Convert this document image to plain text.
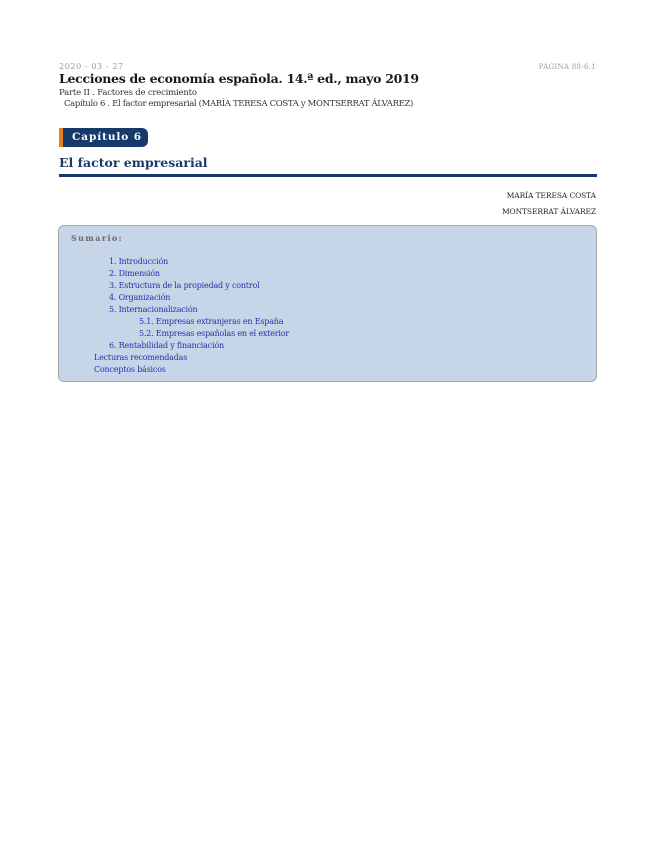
2020 - 03 - 27	PÁGINA 88-6.1
Lecciones de economía española. 14.ª ed., mayo 2019
Parte II . Factores de crecimiento
Capítulo 6 . El factor empresarial (MARÍA TERESA COSTA y MONTSERRAT ÁLVAREZ)
Capítulo 6
El factor empresarial
MARÍA TERESA COSTA
MONTSERRAT ÁLVAREZ
Sumario:
1. Introducción
2. Dimensión
3. Estructura de la propiedad y control
4. Organización
5. Internacionalización
5.1. Empresas extranjeras en España
5.2. Empresas españolas en el exterior
6. Rentabilidad y financiación
Lecturas recomendadas
Conceptos básicos
